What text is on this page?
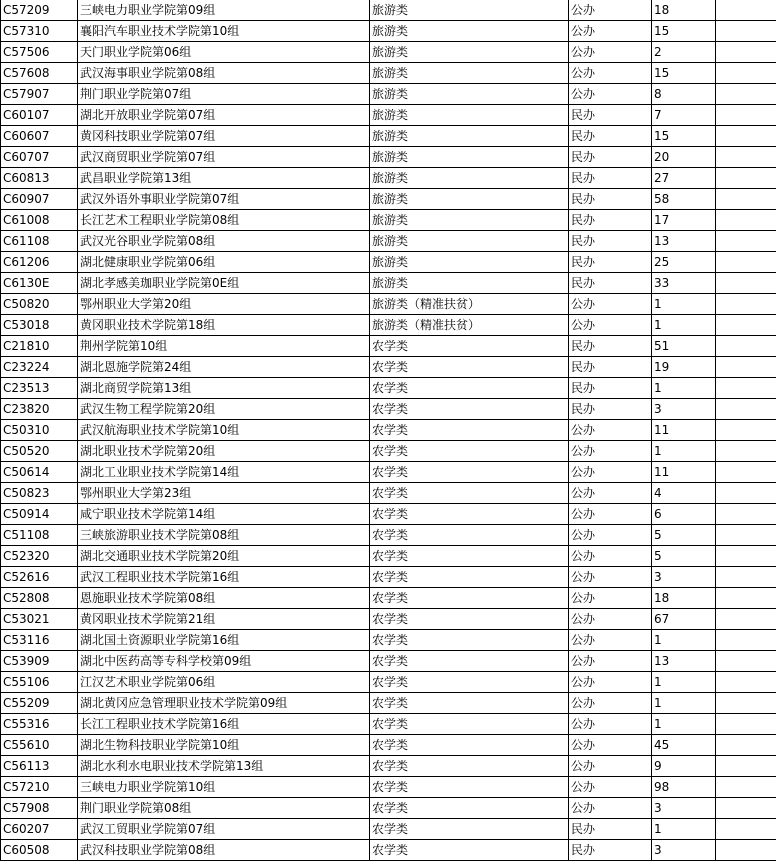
C57209	三峡电力职业学院第09组	旅游类	公办	18	
C57310	襄阳汽车职业技术学院第10组	旅游类	公办	15	
C57506	天门职业学院第06组	旅游类	公办	2	
C57608	武汉海事职业学院第08组	旅游类	公办	15	
C57907	荆门职业学院第07组	旅游类	公办	8	
C60107	湖北开放职业学院第07组	旅游类	民办	7	
C60607	黄冈科技职业学院第07组	旅游类	民办	15	
C60707	武汉商贸职业学院第07组	旅游类	民办	20	
C60813	武昌职业学院第13组	旅游类	民办	27	
C60907	武汉外语外事职业学院第07组	旅游类	民办	58	
C61008	长江艺术工程职业学院第08组	旅游类	民办	17	
C61108	武汉光谷职业学院第08组	旅游类	民办	13	
C61206	湖北健康职业学院第06组	旅游类	民办	25	
C6130E	湖北孝感美珈职业学院第0E组	旅游类	民办	33	
C50820	鄂州职业大学第20组	旅游类（精准扶贫）	公办	1	
C53018	黄冈职业技术学院第18组	旅游类（精准扶贫）	公办	1	
C21810	荆州学院第10组	农学类	民办	51	
C23224	湖北恩施学院第24组	农学类	民办	19	
C23513	湖北商贸学院第13组	农学类	民办	1	
C23820	武汉生物工程学院第20组	农学类	民办	3	
C50310	武汉航海职业技术学院第10组	农学类	公办	11	
C50520	湖北职业技术学院第20组	农学类	公办	1	
C50614	湖北工业职业技术学院第14组	农学类	公办	11	
C50823	鄂州职业大学第23组	农学类	公办	4	
C50914	咸宁职业技术学院第14组	农学类	公办	6	
C51108	三峡旅游职业技术学院第08组	农学类	公办	5	
C52320	湖北交通职业技术学院第20组	农学类	公办	5	
C52616	武汉工程职业技术学院第16组	农学类	公办	3	
C52808	恩施职业技术学院第08组	农学类	公办	18	
C53021	黄冈职业技术学院第21组	农学类	公办	67	
C53116	湖北国土资源职业学院第16组	农学类	公办	1	
C53909	湖北中医药高等专科学校第09组	农学类	公办	13	
C55106	江汉艺术职业学院第06组	农学类	公办	1	
C55209	湖北黄冈应急管理职业技术学院第09组	农学类	公办	1	
C55316	长江工程职业技术学院第16组	农学类	公办	1	
C55610	湖北生物科技职业学院第10组	农学类	公办	45	
C56113	湖北水利水电职业技术学院第13组	农学类	公办	9	
C57210	三峡电力职业学院第10组	农学类	公办	98	
C57908	荆门职业学院第08组	农学类	公办	3	
C60207	武汉工贸职业学院第07组	农学类	民办	1	
C60508	武汉科技职业学院第08组	农学类	民办	3	
